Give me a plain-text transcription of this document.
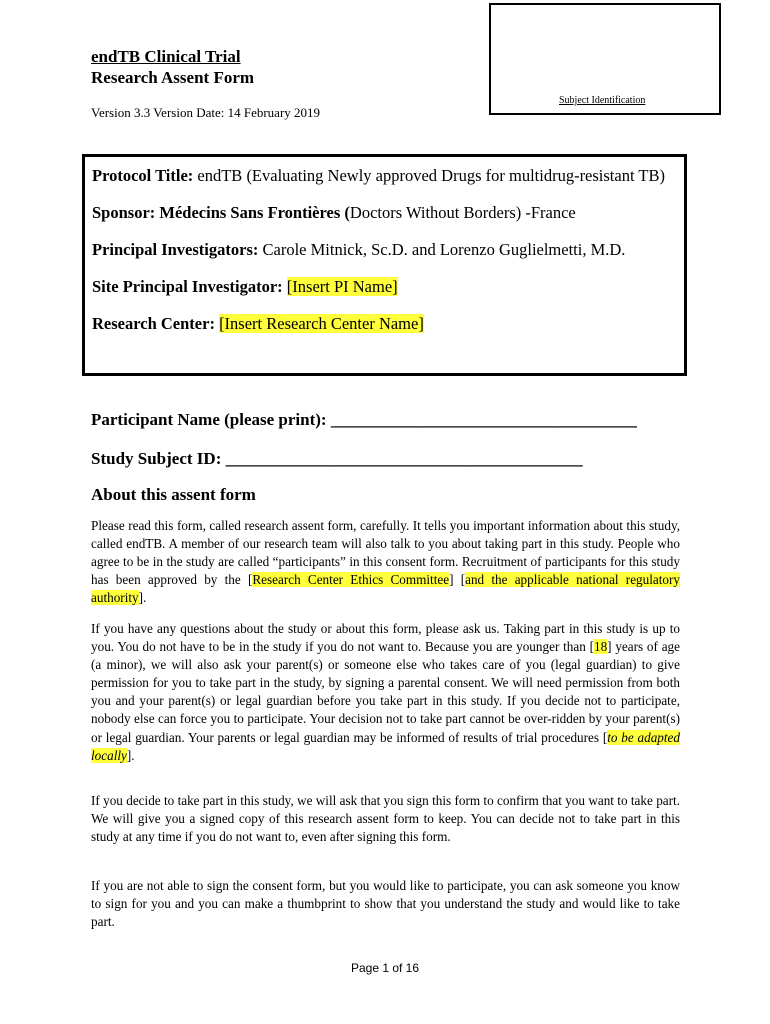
endTB Clinical Trial
Research Assent Form
Version 3.3 Version Date: 14 February 2019
Subject Identification

Protocol Title: endTB (Evaluating Newly approved Drugs for multidrug-resistant TB)

Sponsor: Médecins Sans Frontières (Doctors Without Borders) -France

Principal Investigators: Carole Mitnick, Sc.D. and Lorenzo Guglielmetti, M.D.

Site Principal Investigator: [Insert PI Name]

Research Center: [Insert Research Center Name]

Participant Name (please print): ____________________________________
Study Subject ID: __________________________________________
About this assent form

Please read this form, called research assent form, carefully. It tells you important information about this study, called endTB. A member of our research team will also talk to you about taking part in this study. People who agree to be in the study are called “participants” in this consent form. Recruitment of participants for this study has been approved by the [Research Center Ethics Committee] [and the applicable national regulatory authority].

If you have any questions about the study or about this form, please ask us. Taking part in this study is up to you. You do not have to be in the study if you do not want to. Because you are younger than [18] years of age (a minor), we will also ask your parent(s) or someone else who takes care of you (legal guardian) to give permission for you to take part in the study, by signing a parental consent. We will need permission from both you and your parent(s) or legal guardian before you take part in this study. If you decide not to participate, nobody else can force you to participate. Your decision not to take part cannot be over-ridden by your parent(s) or legal guardian. Your parents or legal guardian may be informed of results of trial procedures [to be adapted locally].

If you decide to take part in this study, we will ask that you sign this form to confirm that you want to take part. We will give you a signed copy of this research assent form to keep. You can decide not to take part in this study at any time if you do not want to, even after signing this form.

If you are not able to sign the consent form, but you would like to participate, you can ask someone you know to sign for you and you can make a thumbprint to show that you understand the study and would like to take part.

Page 1 of 16
